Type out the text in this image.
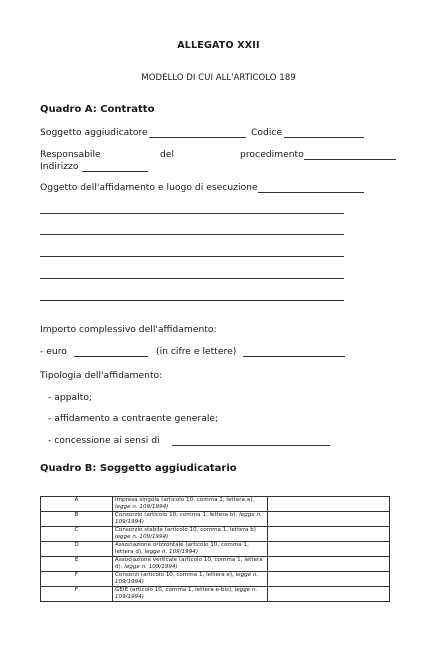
ALLEGATO XXII
MODELLO DI CUI ALL'ARTICOLO 189
Quadro A: Contratto
Soggetto aggiudicatore	Codice
Responsabile	del	procedimento
Indirizzo
Oggetto dell'affidamento e luogo di esecuzione
Importo complessivo dell'affidamento:
- euro	(in cifre e lettere)
Tipologia dell'affidamento:
- appalto;
- affidamento a contraente generale;
- concessione ai sensi di
Quadro B: Soggetto aggiudicatario
A	Impresa singola (articolo 10, comma 1, lettera a), legge n. 109/1994)	
B	Consorzio (articolo 10, comma 1, lettera b), legge n. 109/1994)	
C	Consorzio stabile (articolo 10, comma 1, lettera b) legge n. 109/1994)	
D	Associazione orizzontale (articolo 10, comma 1, lettera d), legge n. 109/1994)	
E	Associazione verticale (articolo 10, comma 1, lettera d), legge n. 109/1994)	
F	Consorzi (articolo 10, comma 1, lettera e), legge n. 109/1994)	
F	GEIE (articolo 10, comma 1, lettera e-bis), legge n. 109/1994)	
